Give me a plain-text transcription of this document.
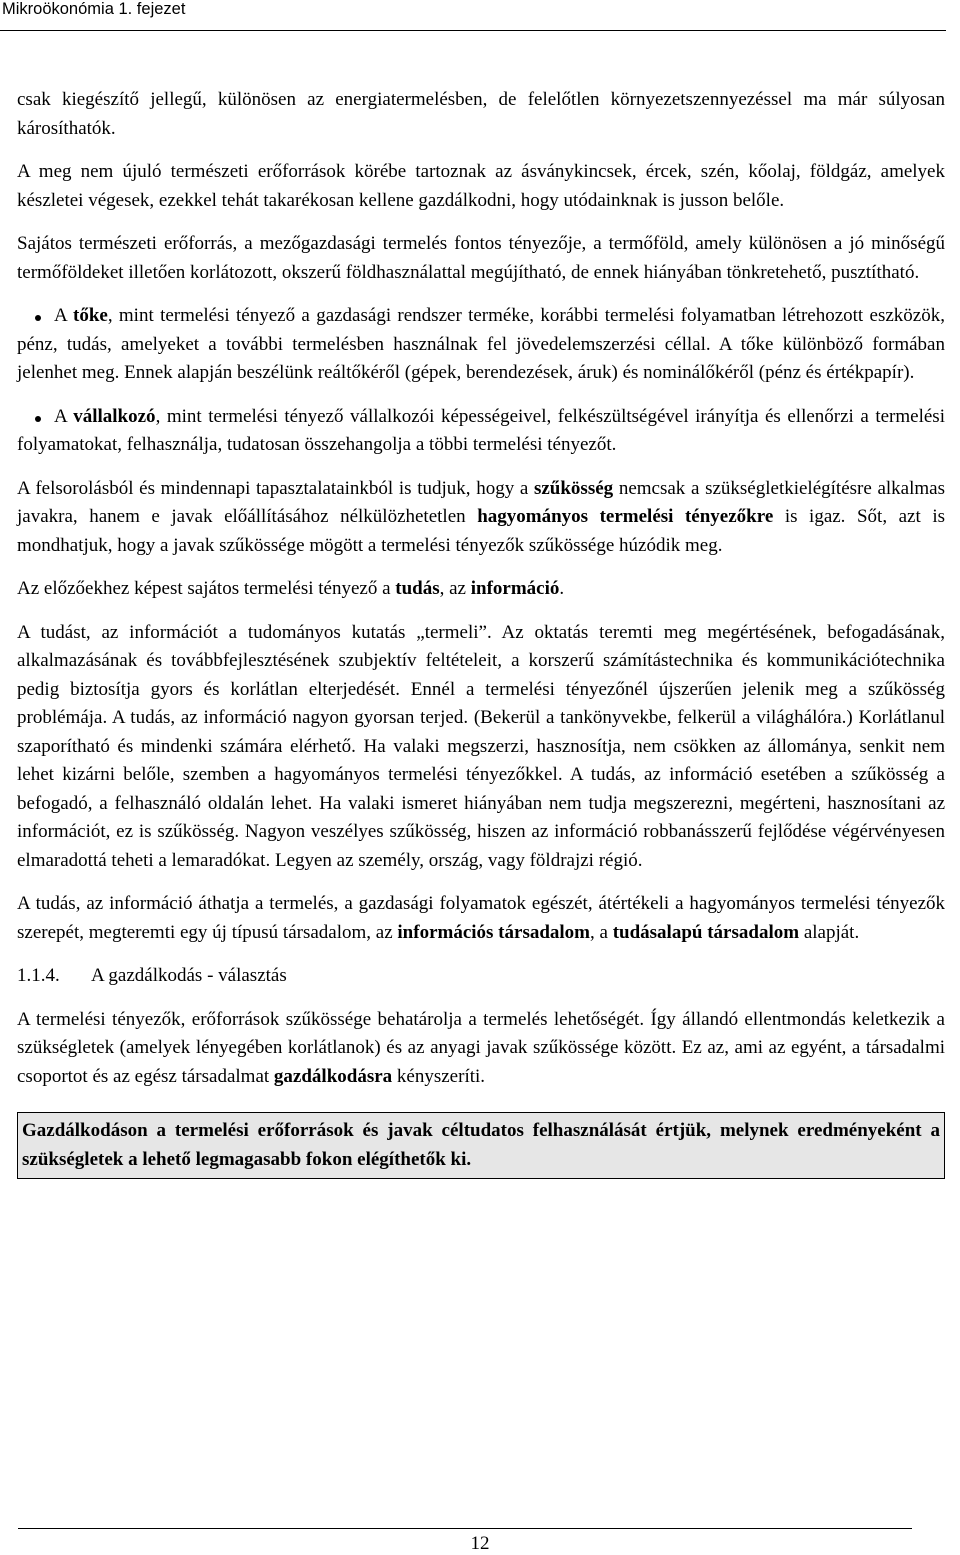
Mikroökonómia 1. fejezet

csak kiegészítő jellegű, különösen az energiatermelésben, de felelőtlen környezetszennyezéssel ma már súlyosan károsíthatók.

A meg nem újuló természeti erőforrások körébe tartoznak az ásványkincsek, ércek, szén, kőolaj, földgáz, amelyek készletei végesek, ezekkel tehát takarékosan kellene gazdálkodni, hogy utódainknak is jusson belőle.

Sajátos természeti erőforrás, a mezőgazdasági termelés fontos tényezője, a termőföld, amely különösen a jó minőségű termőföldeket illetően korlátozott, okszerű földhasználattal megújítható, de ennek hiányában tönkretehető, pusztítható.

A tőke, mint termelési tényező a gazdasági rendszer terméke, korábbi termelési folyamatban létrehozott eszközök, pénz, tudás, amelyeket a további termelésben használnak fel jövedelemszerzési céllal. A tőke különböző formában jelenhet meg. Ennek alapján beszélünk reáltőkéről (gépek, berendezések, áruk) és nominálőkéről (pénz és értékpapír).

A vállalkozó, mint termelési tényező vállalkozói képességeivel, felkészültségével irányítja és ellenőrzi a termelési folyamatokat, felhasználja, tudatosan összehangolja a többi termelési tényezőt.

A felsorolásból és mindennapi tapasztalatainkból is tudjuk, hogy a szűkösség nemcsak a szükségletkielégítésre alkalmas javakra, hanem e javak előállításához nélkülözhetetlen hagyományos termelési tényezőkre is igaz. Sőt, azt is mondhatjuk, hogy a javak szűkössége mögött a termelési tényezők szűkössége húzódik meg.

Az előzőekhez képest sajátos termelési tényező a tudás, az információ.

A tudást, az információt a tudományos kutatás „termeli”. Az oktatás teremti meg megértésének, befogadásának, alkalmazásának és továbbfejlesztésének szubjektív feltételeit, a korszerű számítástechnika és kommunikációtechnika pedig biztosítja gyors és korlátlan elterjedését. Ennél a termelési tényezőnél újszerűen jelenik meg a szűkösség problémája. A tudás, az információ nagyon gyorsan terjed. (Bekerül a tankönyvekbe, felkerül a világhálóra.) Korlátlanul szaporítható és mindenki számára elérhető. Ha valaki megszerzi, hasznosítja, nem csökken az állománya, senkit nem lehet kizárni belőle, szemben a hagyományos termelési tényezőkkel. A tudás, az információ esetében a szűkösség a befogadó, a felhasználó oldalán lehet. Ha valaki ismeret hiányában nem tudja megszerezni, megérteni, hasznosítani az információt, ez is szűkösség. Nagyon veszélyes szűkösség, hiszen az információ robbanásszerű fejlődése végérvényesen elmaradottá teheti a lemaradókat. Legyen az személy, ország, vagy földrajzi régió.

A tudás, az információ áthatja a termelés, a gazdasági folyamatok egészét, átértékeli a hagyományos termelési tényezők szerepét, megteremti egy új típusú társadalom, az információs társadalom, a tudásalapú társadalom alapját.

1.1.4. A gazdálkodás - választás

A termelési tényezők, erőforrások szűkössége behatárolja a termelés lehetőségét. Így állandó ellentmondás keletkezik a szükségletek (amelyek lényegében korlátlanok) és az anyagi javak szűkössége között. Ez az, ami az egyént, a társadalmi csoportot és az egész társadalmat gazdálkodásra kényszeríti.

Gazdálkodáson a termelési erőforrások és javak céltudatos felhasználását értjük, melynek eredményeként a szükségletek a lehető legmagasabb fokon elégíthetők ki.
12
